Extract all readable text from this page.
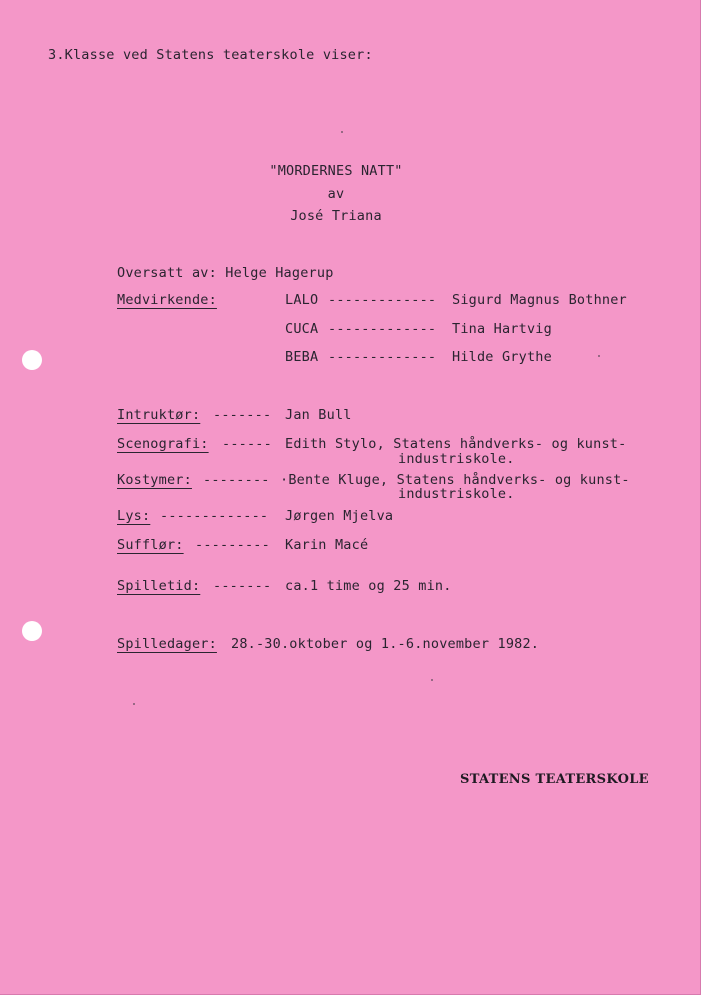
3.Klasse ved Statens teaterskole viser:
"MORDERNES NATT"
av
José Triana
Oversatt av: Helge Hagerup
Medvirkende:	LALO ------------- Sigurd Magnus Bothner
CUCA ------------- Tina Hartvig
BEBA ------------- Hilde Grythe
Intruktør: ------- Jan Bull
Scenografi: ------ Edith Stylo, Statens håndverks- og kunst-
industriskole.
Kostymer: -------- ·Bente Kluge, Statens håndverks- og kunst-
industriskole.
Lys: ------------- Jørgen Mjelva
Sufflør: --------- Karin Macé
Spilletid: ------- ca.1 time og 25 min.
Spilledager: 28.-30.oktober og 1.-6.november 1982.
STATENS TEATERSKOLE
